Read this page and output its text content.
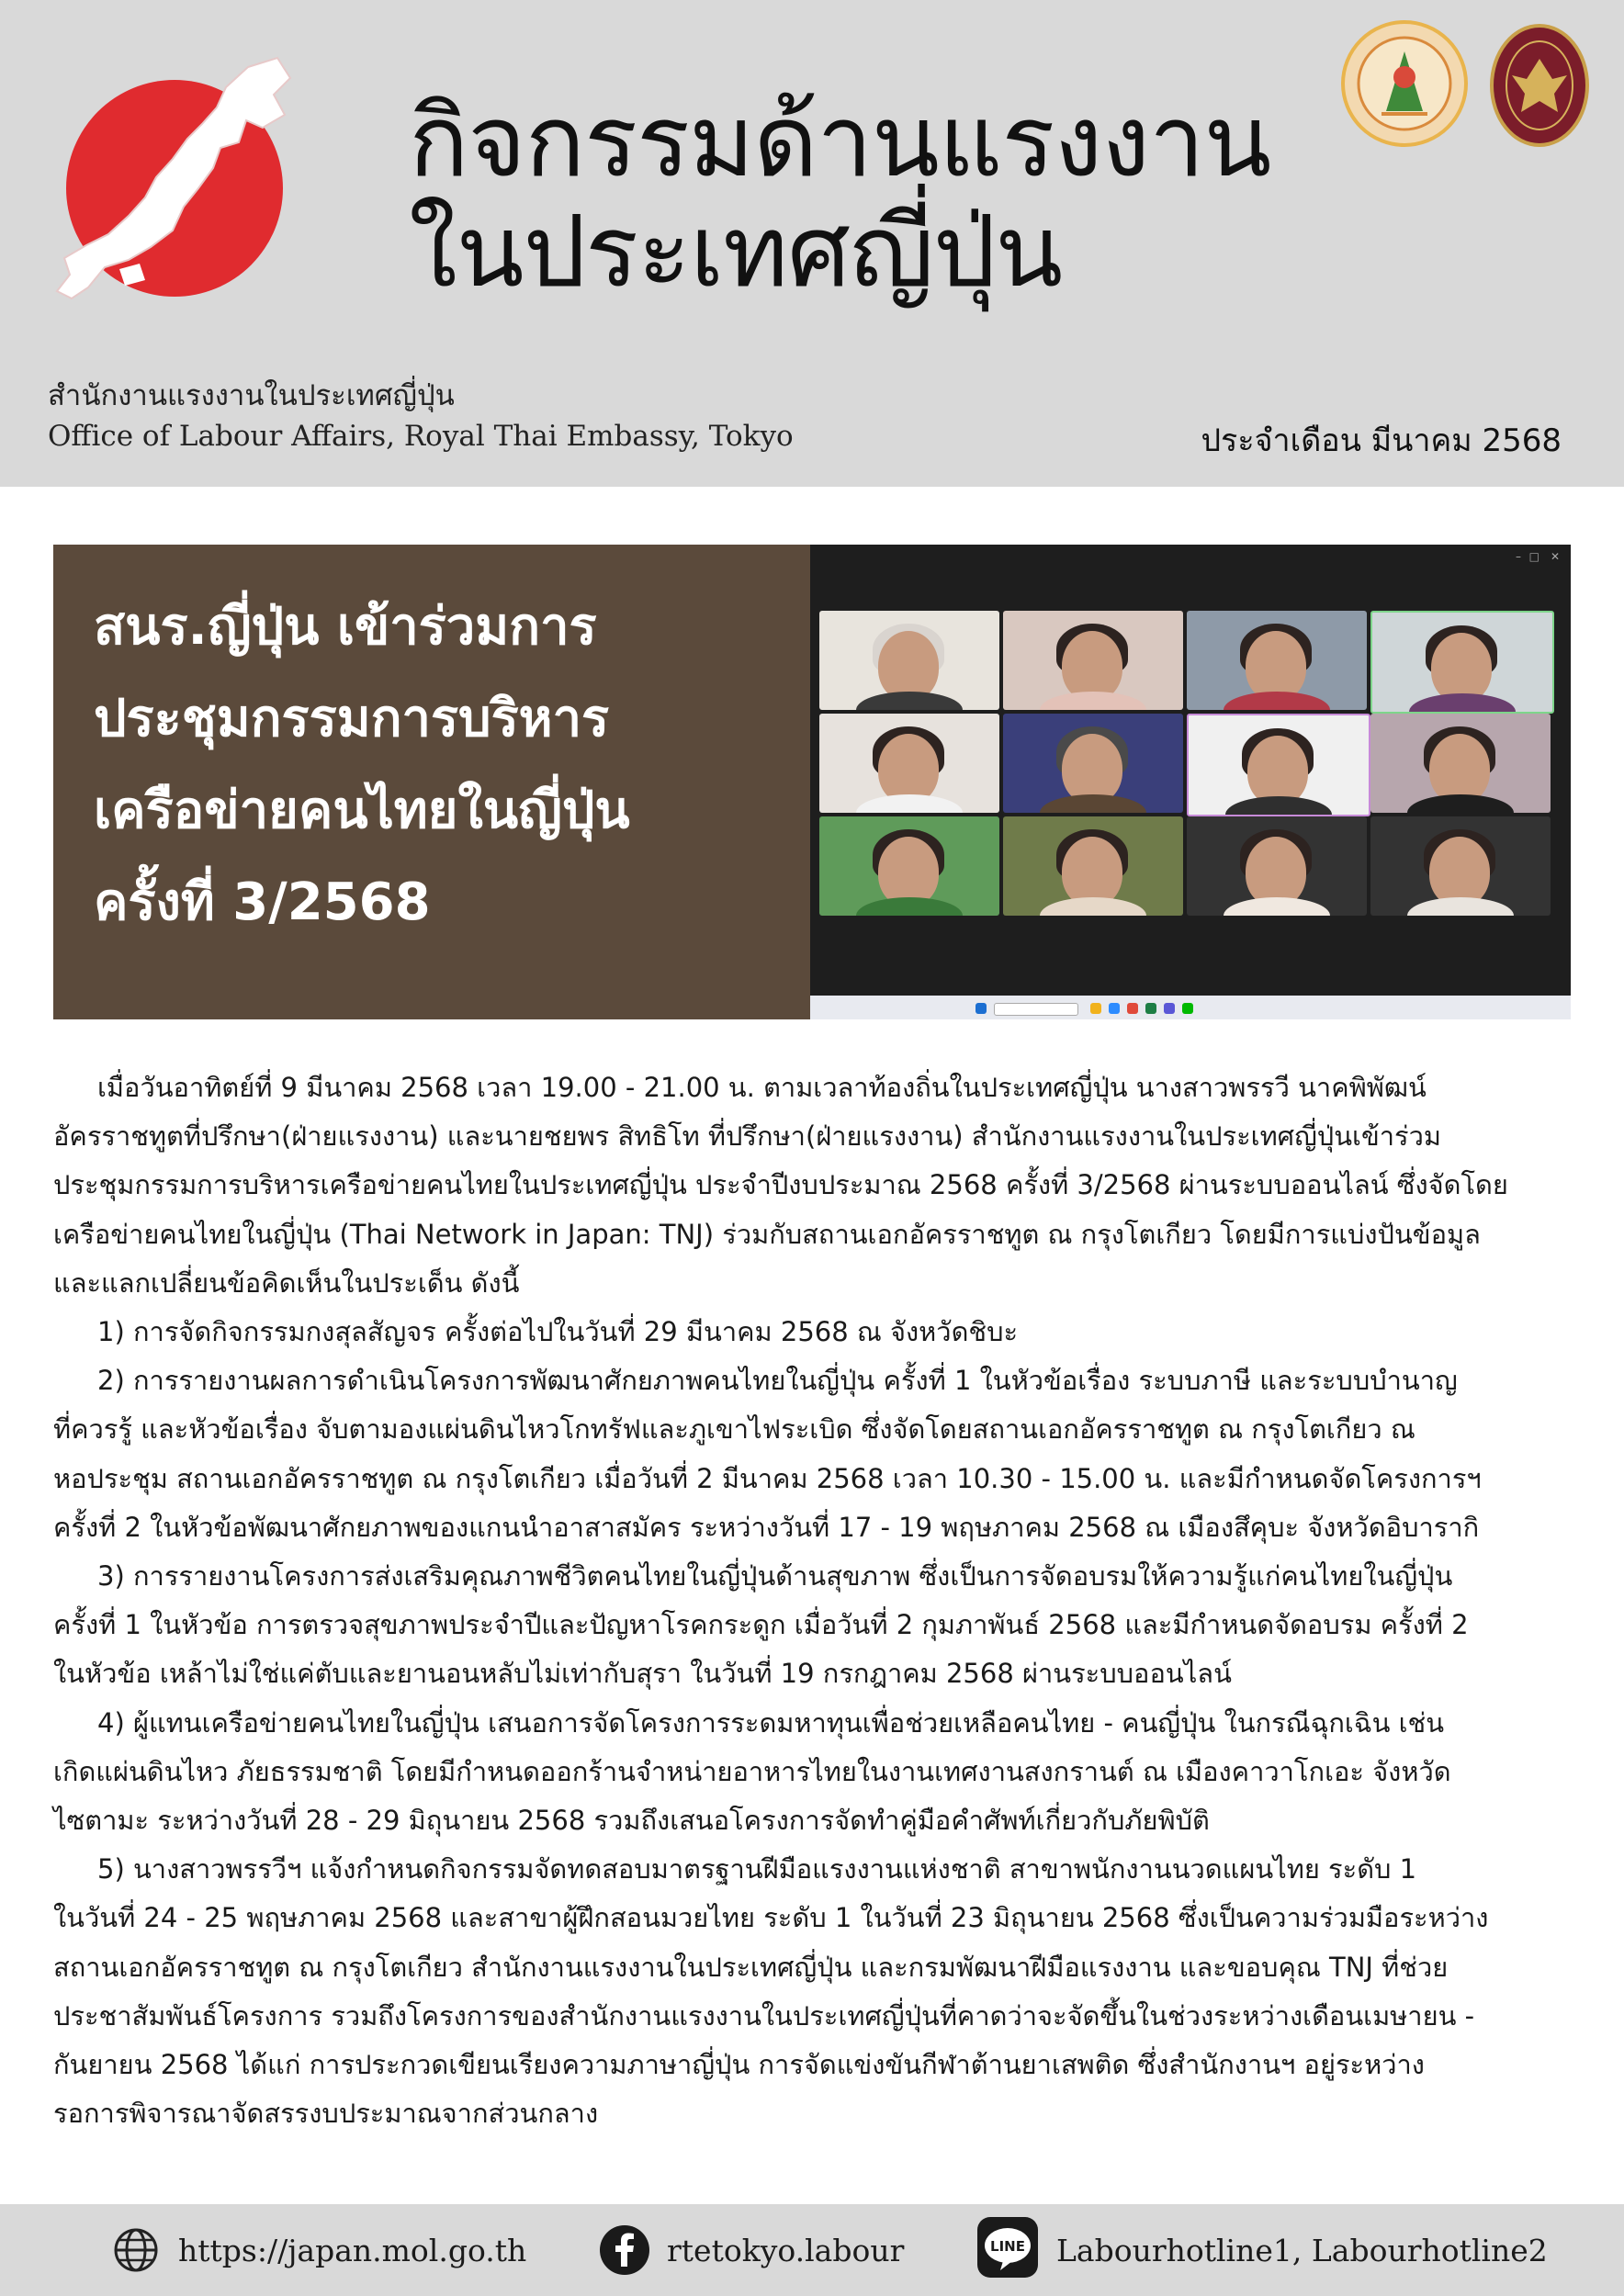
กิจกรรมด้านแรงงาน
ในประเทศญี่ปุ่น
สำนักงานแรงงานในประเทศญี่ปุ่น
Office of Labour Affairs, Royal Thai Embassy, Tokyo	ประจำเดือน มีนาคม 2568
สนร.ญี่ปุ่น เข้าร่วมการ
ประชุมกรรมการบริหาร
เครือข่ายคนไทยในญี่ปุ่น
ครั้งที่ 3/2568
– □ ✕

เมื่อวันอาทิตย์ที่ 9 มีนาคม 2568 เวลา 19.00 - 21.00 น. ตามเวลาท้องถิ่นในประเทศญี่ปุ่น นางสาวพรรวี นาคพิพัฒน์

อัครราชทูตที่ปรึกษา(ฝ่ายแรงงาน) และนายชยพร สิทธิโท ที่ปรึกษา(ฝ่ายแรงงาน) สำนักงานแรงงานในประเทศญี่ปุ่นเข้าร่วม

ประชุมกรรมการบริหารเครือข่ายคนไทยในประเทศญี่ปุ่น ประจำปีงบประมาณ 2568 ครั้งที่ 3/2568 ผ่านระบบออนไลน์ ซึ่งจัดโดย

เครือข่ายคนไทยในญี่ปุ่น (Thai Network in Japan: TNJ) ร่วมกับสถานเอกอัครราชทูต ณ กรุงโตเกียว โดยมีการแบ่งปันข้อมูล

และแลกเปลี่ยนข้อคิดเห็นในประเด็น ดังนี้

1) การจัดกิจกรรมกงสุลสัญจร ครั้งต่อไปในวันที่ 29 มีนาคม 2568 ณ จังหวัดชิบะ

2) การรายงานผลการดำเนินโครงการพัฒนาศักยภาพคนไทยในญี่ปุ่น ครั้งที่ 1 ในหัวข้อเรื่อง ระบบภาษี และระบบบำนาญ

ที่ควรรู้ และหัวข้อเรื่อง จับตามองแผ่นดินไหวโกทรัฟและภูเขาไฟระเบิด ซึ่งจัดโดยสถานเอกอัครราชทูต ณ กรุงโตเกียว ณ

หอประชุม สถานเอกอัครราชทูต ณ กรุงโตเกียว เมื่อวันที่ 2 มีนาคม 2568 เวลา 10.30 - 15.00 น. และมีกำหนดจัดโครงการฯ

ครั้งที่ 2 ในหัวข้อพัฒนาศักยภาพของแกนนำอาสาสมัคร ระหว่างวันที่ 17 - 19 พฤษภาคม 2568 ณ เมืองสึคุบะ จังหวัดอิบารากิ

3) การรายงานโครงการส่งเสริมคุณภาพชีวิตคนไทยในญี่ปุ่นด้านสุขภาพ ซึ่งเป็นการจัดอบรมให้ความรู้แก่คนไทยในญี่ปุ่น

ครั้งที่ 1 ในหัวข้อ การตรวจสุขภาพประจำปีและปัญหาโรคกระดูก เมื่อวันที่ 2 กุมภาพันธ์ 2568 และมีกำหนดจัดอบรม ครั้งที่ 2

ในหัวข้อ เหล้าไม่ใช่แค่ตับและยานอนหลับไม่เท่ากับสุรา ในวันที่ 19 กรกฎาคม 2568 ผ่านระบบออนไลน์

4) ผู้แทนเครือข่ายคนไทยในญี่ปุ่น เสนอการจัดโครงการระดมหาทุนเพื่อช่วยเหลือคนไทย - คนญี่ปุ่น ในกรณีฉุกเฉิน เช่น

เกิดแผ่นดินไหว ภัยธรรมชาติ โดยมีกำหนดออกร้านจำหน่ายอาหารไทยในงานเทศงานสงกรานต์ ณ เมืองคาวาโกเอะ จังหวัด

ไซตามะ ระหว่างวันที่ 28 - 29 มิถุนายน 2568 รวมถึงเสนอโครงการจัดทำคู่มือคำศัพท์เกี่ยวกับภัยพิบัติ

5) นางสาวพรรวีฯ แจ้งกำหนดกิจกรรมจัดทดสอบมาตรฐานฝีมือแรงงานแห่งชาติ สาขาพนักงานนวดแผนไทย ระดับ 1

ในวันที่ 24 - 25 พฤษภาคม 2568 และสาขาผู้ฝึกสอนมวยไทย ระดับ 1 ในวันที่ 23 มิถุนายน 2568 ซึ่งเป็นความร่วมมือระหว่าง

สถานเอกอัครราชทูต ณ กรุงโตเกียว สำนักงานแรงงานในประเทศญี่ปุ่น และกรมพัฒนาฝีมือแรงงาน และขอบคุณ TNJ ที่ช่วย

ประชาสัมพันธ์โครงการ รวมถึงโครงการของสำนักงานแรงงานในประเทศญี่ปุ่นที่คาดว่าจะจัดขึ้นในช่วงระหว่างเดือนเมษายน -

กันยายน 2568 ได้แก่ การประกวดเขียนเรียงความภาษาญี่ปุ่น การจัดแข่งขันกีฬาต้านยาเสพติด ซึ่งสำนักงานฯ อยู่ระหว่าง

รอการพิจารณาจัดสรรงบประมาณจากส่วนกลาง

https://japan.mol.go.th	rtetokyo.labour	LINE Labourhotline1, Labourhotline2
